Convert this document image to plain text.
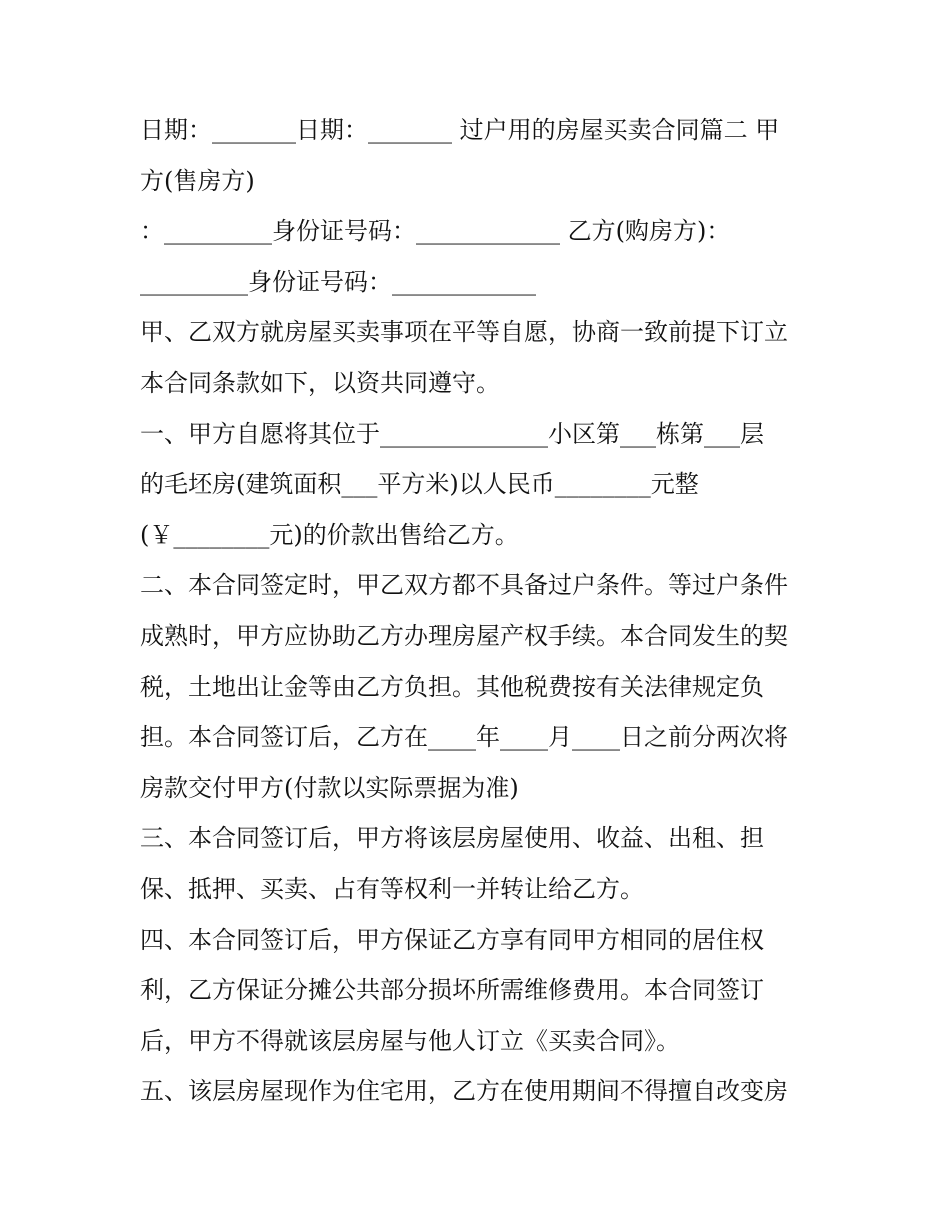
日期：_______日期：_______ 过户用的房屋买卖合同篇二 甲
方(售房方)
：_________身份证号码：____________ 乙方(购房方)：
_________身份证号码：____________
甲、乙双方就房屋买卖事项在平等自愿，协商一致前提下订立
本合同条款如下，以资共同遵守。
一、甲方自愿将其位于______________小区第___栋第___层
的毛坯房(建筑面积___平方米)以人民币________元整
(￥________元)的价款出售给乙方。
二、本合同签定时，甲乙双方都不具备过户条件。等过户条件
成熟时，甲方应协助乙方办理房屋产权手续。本合同发生的契
税，土地出让金等由乙方负担。其他税费按有关法律规定负
担。本合同签订后，乙方在____年____月____日之前分两次将
房款交付甲方(付款以实际票据为准)
三、本合同签订后，甲方将该层房屋使用、收益、出租、担
保、抵押、买卖、占有等权利一并转让给乙方。
四、本合同签订后，甲方保证乙方享有同甲方相同的居住权
利，乙方保证分摊公共部分损坏所需维修费用。本合同签订
后，甲方不得就该层房屋与他人订立《买卖合同》。
五、该层房屋现作为住宅用，乙方在使用期间不得擅自改变房
